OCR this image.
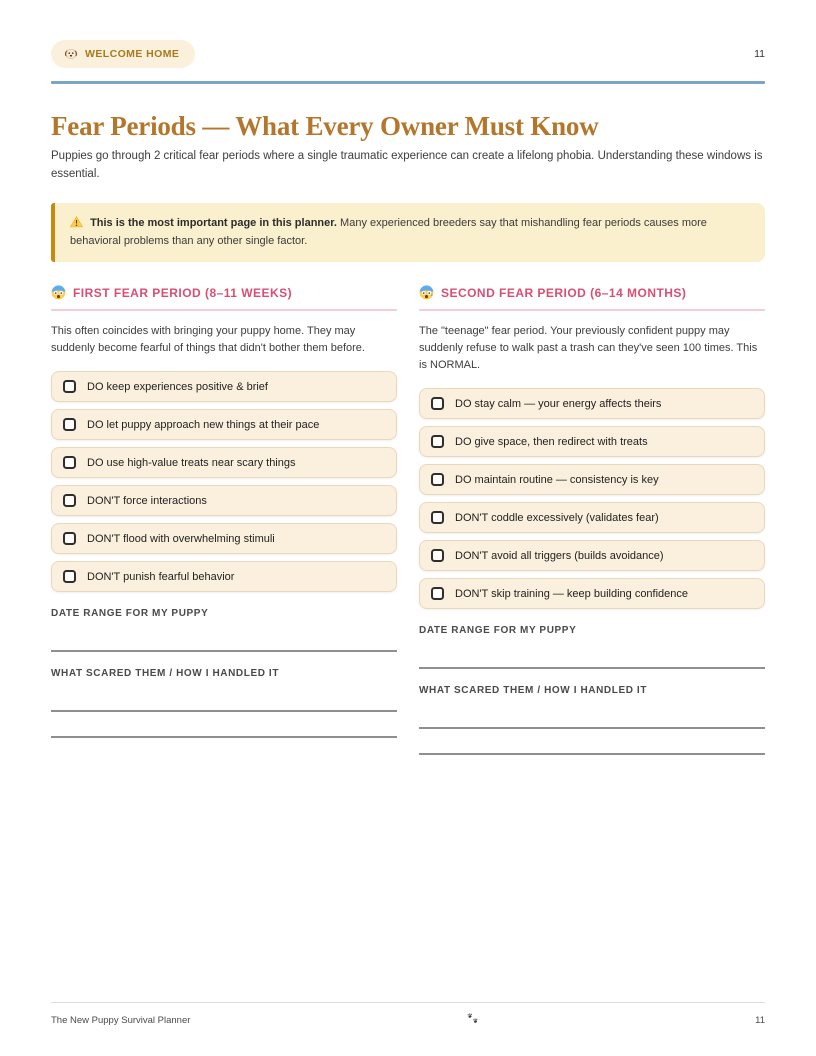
WELCOME HOME	11
Fear Periods — What Every Owner Must Know

Puppies go through 2 critical fear periods where a single traumatic experience can create a lifelong phobia. Understanding these windows is essential.

This is the most important page in this planner. Many experienced breeders say that mishandling fear periods causes more behavioral problems than any other single factor.
FIRST FEAR PERIOD (8–11 WEEKS)

This often coincides with bringing your puppy home. They may suddenly become fearful of things that didn't bother them before.

DO keep experiences positive & brief
DO let puppy approach new things at their pace
DO use high-value treats near scary things
DON'T force interactions
DON'T flood with overwhelming stimuli
DON'T punish fearful behavior
DATE RANGE FOR MY PUPPY
WHAT SCARED THEM / HOW I HANDLED IT
SECOND FEAR PERIOD (6–14 MONTHS)

The "teenage" fear period. Your previously confident puppy may suddenly refuse to walk past a trash can they've seen 100 times. This is NORMAL.

DO stay calm — your energy affects theirs
DO give space, then redirect with treats
DO maintain routine — consistency is key
DON'T coddle excessively (validates fear)
DON'T avoid all triggers (builds avoidance)
DON'T skip training — keep building confidence
DATE RANGE FOR MY PUPPY
WHAT SCARED THEM / HOW I HANDLED IT
The New Puppy Survival Planner	11
